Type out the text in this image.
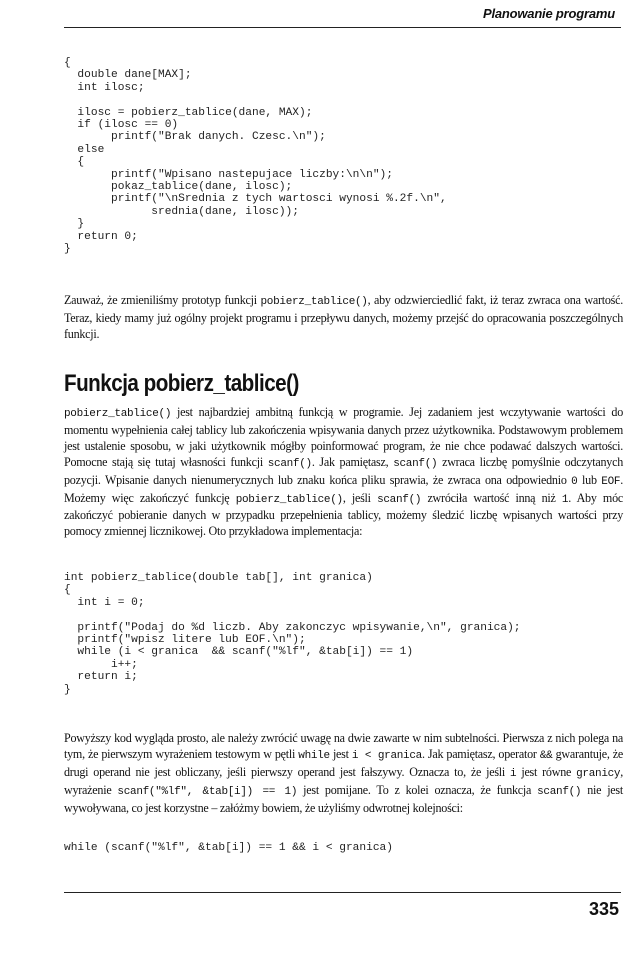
Planowanie programu
{
double dane[MAX];
int ilosc;

ilosc = pobierz_tablice(dane, MAX);
if (ilosc == 0)
printf("Brak danych. Czesc.\n");
else
{
printf("Wpisano nastepujace liczby:\n\n");
pokaz_tablice(dane, ilosc);
printf("\nSrednia z tych wartosci wynosi %.2f.\n",
srednia(dane, ilosc));
}
return 0;
}

Zauważ, że zmieniliśmy prototyp funkcji pobierz_tablice(), aby odzwierciedlić fakt, iż teraz zwraca ona wartość. Teraz, kiedy mamy już ogólny projekt programu i przepływu danych, możemy przejść do opracowania poszczególnych funkcji.

Funkcja pobierz_tablice()

pobierz_tablice() jest najbardziej ambitną funkcją w programie. Jej zadaniem jest wczytywanie wartości do momentu wypełnienia całej tablicy lub zakończenia wpisywania danych przez użytkownika. Podstawowym problemem jest ustalenie sposobu, w jaki użytkownik mógłby poinformować program, że nie chce podawać dalszych wartości. Pomocne stają się tutaj własności funkcji scanf(). Jak pamiętasz, scanf() zwraca liczbę pomyślnie odczytanych pozycji. Wpisanie danych nienumerycznych lub znaku końca pliku sprawia, że zwraca ona odpowiednio 0 lub EOF. Możemy więc zakończyć funkcję pobierz_tablice(), jeśli scanf() zwróciła wartość inną niż 1. Aby móc zakończyć pobieranie danych w przypadku przepełnienia tablicy, możemy śledzić liczbę wpisanych wartości przy pomocy zmiennej licznikowej. Oto przykładowa implementacja:

int pobierz_tablice(double tab[], int granica)
{
int i = 0;

printf("Podaj do %d liczb. Aby zakonczyc wpisywanie,\n", granica);
printf("wpisz litere lub EOF.\n");
while (i < granica  && scanf("%lf", &tab[i]) == 1)
i++;
return i;
}

Powyższy kod wygląda prosto, ale należy zwrócić uwagę na dwie zawarte w nim subtelności. Pierwsza z nich polega na tym, że pierwszym wyrażeniem testowym w pętli while jest i < granica. Jak pamiętasz, operator && gwarantuje, że drugi operand nie jest obliczany, jeśli pierwszy operand jest fałszywy. Oznacza to, że jeśli i jest równe granicy, wyrażenie scanf("%lf", &tab[i]) == 1) jest pomijane. To z kolei oznacza, że funkcja scanf() nie jest wywoływana, co jest korzystne – załóżmy bowiem, że użyliśmy odwrotnej kolejności:

while (scanf("%lf", &tab[i]) == 1 && i < granica)
335
